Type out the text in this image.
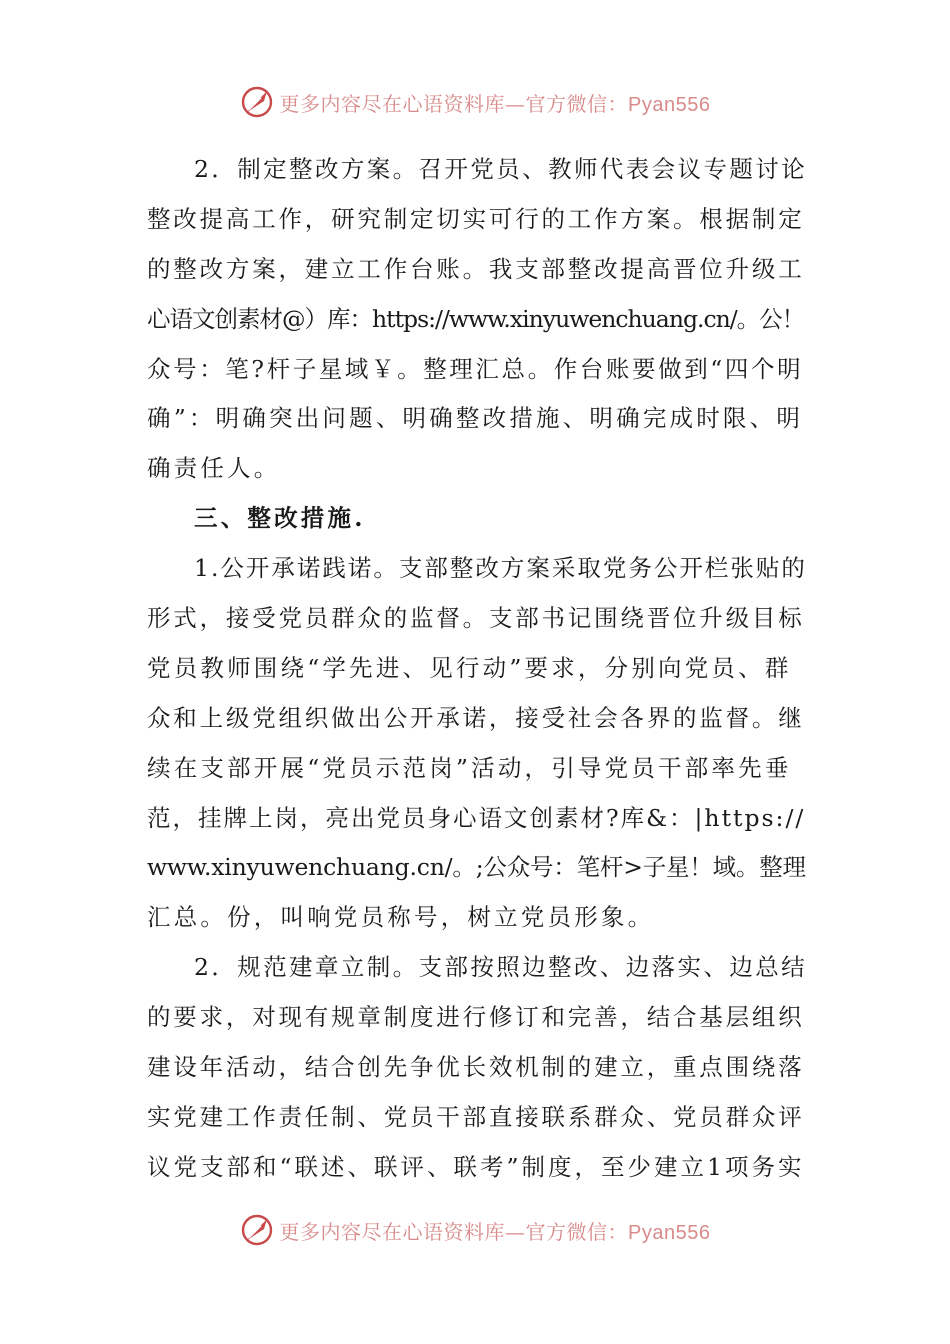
更多内容尽在心语资料库—官方微信：Pyan556
2．制定整改方案。召开党员、教师代表会议专题讨论
整改提高工作，研究制定切实可行的工作方案。根据制定
的整改方案，建立工作台账。我支部整改提高晋位升级工
心语文创素材@）库：https://www.xinyuwenchuang.cn/。公！
众号：笔?杆子星域￥。整理汇总。作台账要做到“四个明
确”：明确突出问题、明确整改措施、明确完成时限、明
确责任人。
三、整改措施.
1.公开承诺践诺。支部整改方案采取党务公开栏张贴的
形式，接受党员群众的监督。支部书记围绕晋位升级目标
党员教师围绕“学先进、见行动”要求，分别向党员、群
众和上级党组织做出公开承诺，接受社会各界的监督。继
续在支部开展“党员示范岗”活动，引导党员干部率先垂
范，挂牌上岗，亮出党员身心语文创素材?库&：|https://
www.xinyuwenchuang.cn/。;公众号：笔杆>子星！域。整理
汇总。份，叫响党员称号，树立党员形象。
2．规范建章立制。支部按照边整改、边落实、边总结
的要求，对现有规章制度进行修订和完善，结合基层组织
建设年活动，结合创先争优长效机制的建立，重点围绕落
实党建工作责任制、党员干部直接联系群众、党员群众评
议党支部和“联述、联评、联考”制度，至少建立1项务实
更多内容尽在心语资料库—官方微信：Pyan556
